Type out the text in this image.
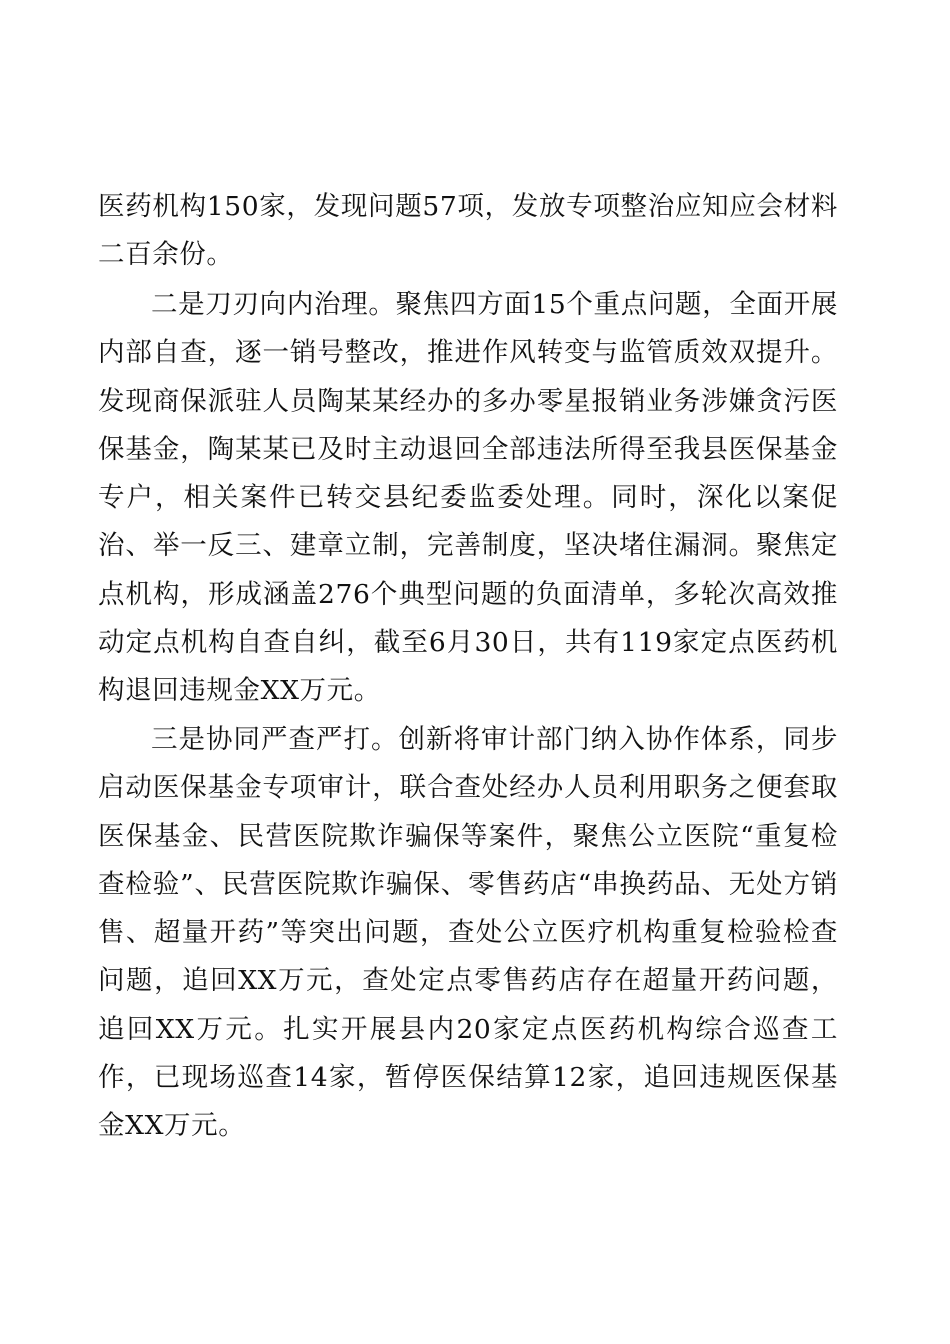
医药机构150家，发现问题57项，发放专项整治应知应会材料二百余份。

二是刀刃向内治理。聚焦四方面15个重点问题，全面开展内部自查，逐一销号整改，推进作风转变与监管质效双提升。发现商保派驻人员陶某某经办的多办零星报销业务涉嫌贪污医保基金，陶某某已及时主动退回全部违法所得至我县医保基金专户，相关案件已转交县纪委监委处理。同时，深化以案促治、举一反三、建章立制，完善制度，坚决堵住漏洞。聚焦定点机构，形成涵盖276个典型问题的负面清单，多轮次高效推动定点机构自查自纠，截至6月30日，共有119家定点医药机构退回违规金XX万元。

三是协同严查严打。创新将审计部门纳入协作体系，同步启动医保基金专项审计，联合查处经办人员利用职务之便套取医保基金、民营医院欺诈骗保等案件，聚焦公立医院“重复检查检验”、民营医院欺诈骗保、零售药店“串换药品、无处方销售、超量开药”等突出问题，查处公立医疗机构重复检验检查问题，追回XX万元，查处定点零售药店存在超量开药问题，追回XX万元。扎实开展县内20家定点医药机构综合巡查工作，已现场巡查14家，暂停医保结算12家，追回违规医保基金XX万元。
